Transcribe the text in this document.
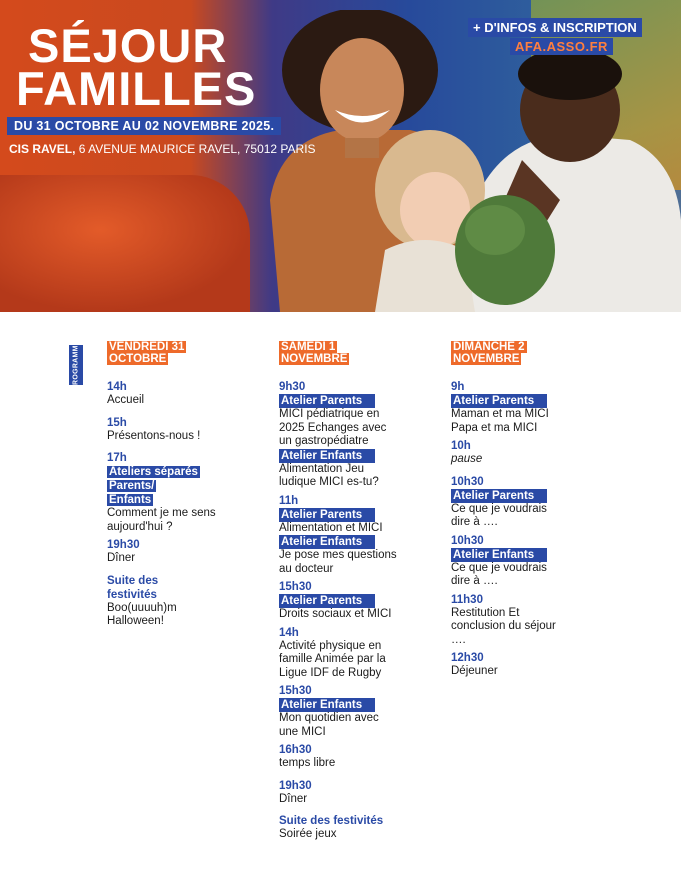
SÉJOUR
FAMILLES
DU 31 OCTOBRE AU 02 NOVEMBRE 2025.
CIS RAVEL, 6 AVENUE MAURICE RAVEL, 75012 PARIS
+ D'INFOS & INSCRIPTION
AFA.ASSO.FR
PROGRAMME	VENDREDI 31
OCTOBRE
14h
Accueil
15h
Présentons-nous !
17h
Ateliers séparés
Parents/
Enfants
Comment je me sens aujourd'hui ?
19h30
Dîner
Suite des
festivités
Boo(uuuuh)m Halloween!
SAMEDI 1
NOVEMBRE
9h30
Atelier Parents
MICI pédiatrique en 2025 Echanges avec un gastropédiatre
Atelier Enfants
Alimentation Jeu ludique MICI es-tu?
11h
Atelier Parents
Alimentation et MICI
Atelier Enfants
Je pose mes questions au docteur
15h30
Atelier Parents
Droits sociaux et MICI
14h
Activité physique en famille Animée par la Ligue IDF de Rugby
15h30
Atelier Enfants
Mon quotidien avec une MICI
16h30
temps libre
19h30
Dîner
Suite des festivités
Soirée jeux
DIMANCHE 2
NOVEMBRE
9h
Atelier Parents
Maman et ma MICI
Papa et ma MICI
10h
pause
10h30
Atelier Parents
Ce que je voudrais dire à ….
10h30
Atelier Enfants
Ce que je voudrais dire à ….
11h30
Restitution Et conclusion du séjour ….
12h30
Déjeuner
